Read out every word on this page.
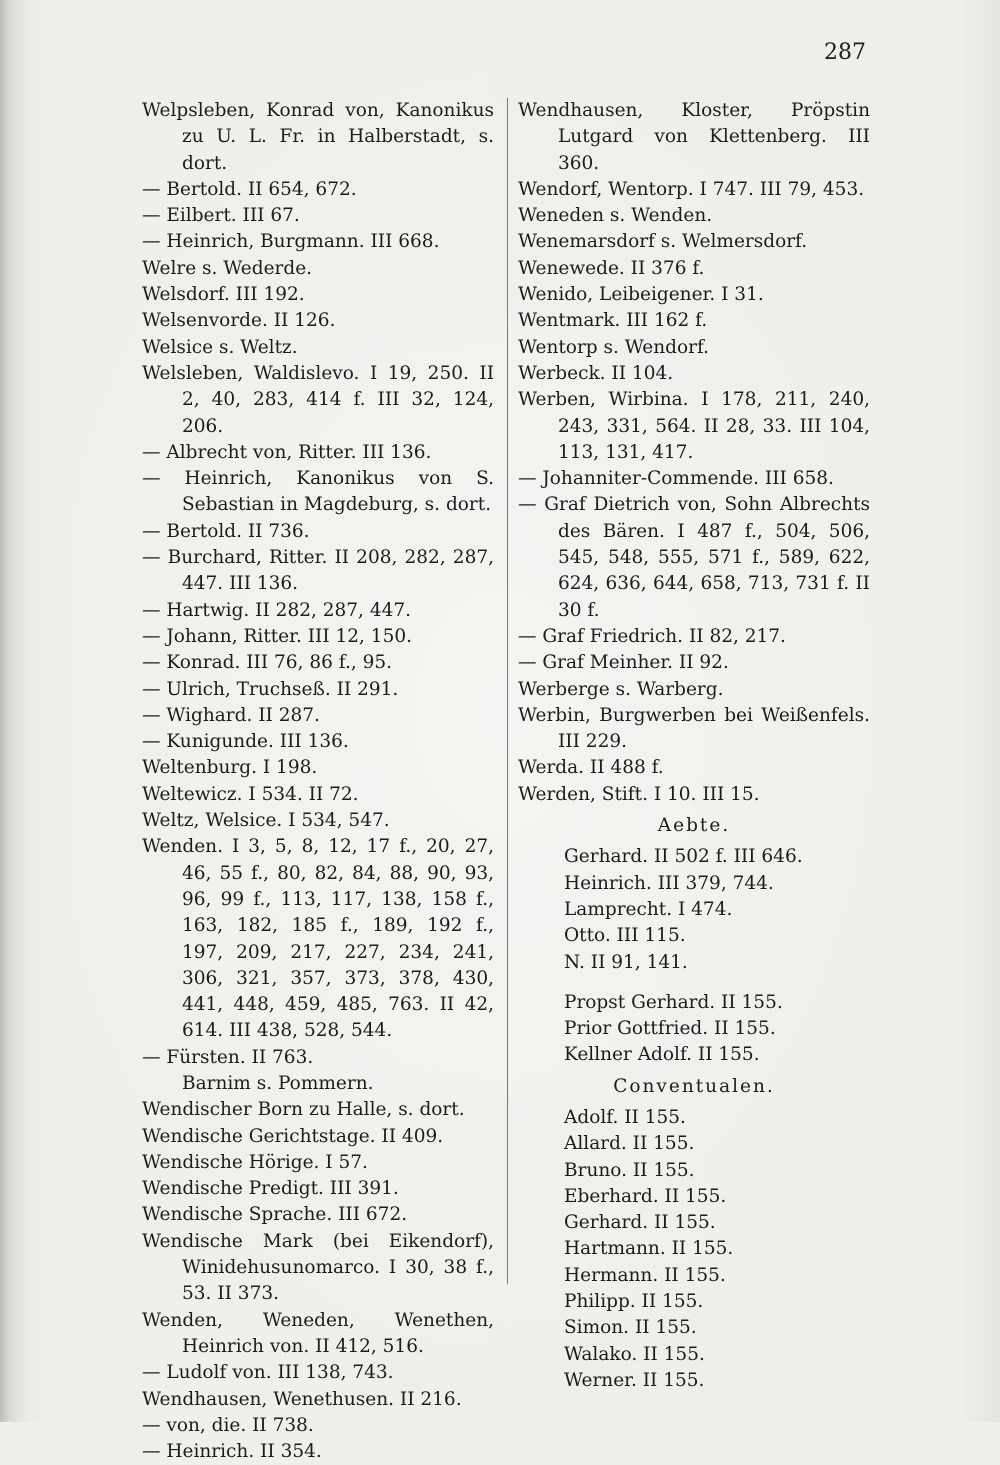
287

Welpsleben, Konrad von, Kanonikus zu U. L. Fr. in Halberstadt, s. dort.

— Bertold. II 654, 672.

— Eilbert. III 67.

— Heinrich, Burgmann. III 668.

Welre s. Wederde.

Welsdorf. III 192.

Welsenvorde. II 126.

Welsice s. Weltz.

Welsleben, Waldislevo. I 19, 250. II 2, 40, 283, 414 f. III 32, 124, 206.

— Albrecht von, Ritter. III 136.

— Heinrich, Kanonikus von S. Sebastian in Magdeburg, s. dort.

— Bertold. II 736.

— Burchard, Ritter. II 208, 282, 287, 447. III 136.

— Hartwig. II 282, 287, 447.

— Johann, Ritter. III 12, 150.

— Konrad. III 76, 86 f., 95.

— Ulrich, Truchseß. II 291.

— Wighard. II 287.

— Kunigunde. III 136.

Weltenburg. I 198.

Weltewicz. I 534. II 72.

Weltz, Welsice. I 534, 547.

Wenden. I 3, 5, 8, 12, 17 f., 20, 27, 46, 55 f., 80, 82, 84, 88, 90, 93, 96, 99 f., 113, 117, 138, 158 f., 163, 182, 185 f., 189, 192 f., 197, 209, 217, 227, 234, 241, 306, 321, 357, 373, 378, 430, 441, 448, 459, 485, 763. II 42, 614. III 438, 528, 544.

— Fürsten. II 763.

Barnim s. Pommern.

Wendischer Born zu Halle, s. dort.

Wendische Gerichtstage. II 409.

Wendische Hörige. I 57.

Wendische Predigt. III 391.

Wendische Sprache. III 672.

Wendische Mark (bei Eikendorf), Winidehusunomarco. I 30, 38 f., 53. II 373.

Wenden, Weneden, Wenethen, Heinrich von. II 412, 516.

— Ludolf von. III 138, 743.

Wendhausen, Wenethusen. II 216.

— von, die. II 738.

— Heinrich. II 354.

Wendhausen, Kloster, Pröpstin Lutgard von Klettenberg. III 360.

Wendorf, Wentorp. I 747. III 79, 453.

Weneden s. Wenden.

Wenemarsdorf s. Welmersdorf.

Wenewede. II 376 f.

Wenido, Leibeigener. I 31.

Wentmark. III 162 f.

Wentorp s. Wendorf.

Werbeck. II 104.

Werben, Wirbina. I 178, 211, 240, 243, 331, 564. II 28, 33. III 104, 113, 131, 417.

— Johanniter-Commende. III 658.

— Graf Dietrich von, Sohn Albrechts des Bären. I 487 f., 504, 506, 545, 548, 555, 571 f., 589, 622, 624, 636, 644, 658, 713, 731 f. II 30 f.

— Graf Friedrich. II 82, 217.

— Graf Meinher. II 92.

Werberge s. Warberg.

Werbin, Burgwerben bei Weißenfels. III 229.

Werda. II 488 f.

Werden, Stift. I 10. III 15.

Aebte.

Gerhard. II 502 f. III 646.

Heinrich. III 379, 744.

Lamprecht. I 474.

Otto. III 115.

N. II 91, 141.

Propst Gerhard. II 155.

Prior Gottfried. II 155.

Kellner Adolf. II 155.

Conventualen.

Adolf. II 155.

Allard. II 155.

Bruno. II 155.

Eberhard. II 155.

Gerhard. II 155.

Hartmann. II 155.

Hermann. II 155.

Philipp. II 155.

Simon. II 155.

Walako. II 155.

Werner. II 155.
